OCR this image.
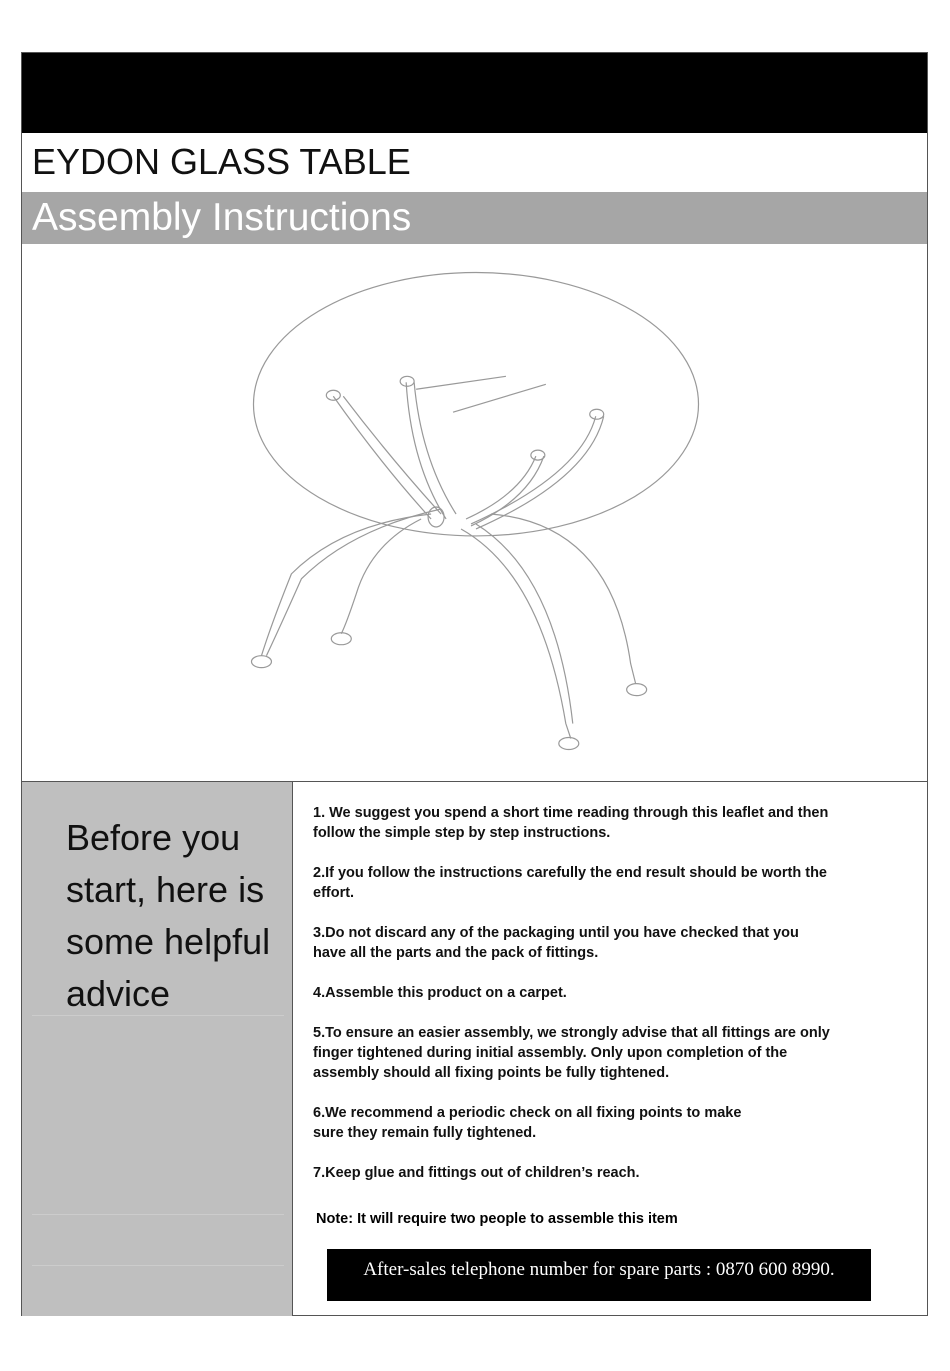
EYDON GLASS TABLE
Assembly Instructions
Before you start, here is some helpful advice
1. We suggest you spend a short time reading through this leaflet and then
follow the simple step by step instructions.
2.If you follow the instructions carefully the end result should be worth the
effort.
3.Do not discard any of the packaging until you have checked that you
have all the parts and the pack of fittings.
4.Assemble this product on a carpet.
5.To ensure an easier assembly, we strongly advise that all fittings are only
finger tightened during initial assembly. Only upon completion of the
assembly should all fixing points be fully tightened.
6.We recommend a periodic check on all fixing points to make
sure they remain fully tightened.
7.Keep glue and fittings out of children’s reach.
Note: It will require two people to assemble this item
After-sales telephone number for spare parts : 0870 600 8990.
